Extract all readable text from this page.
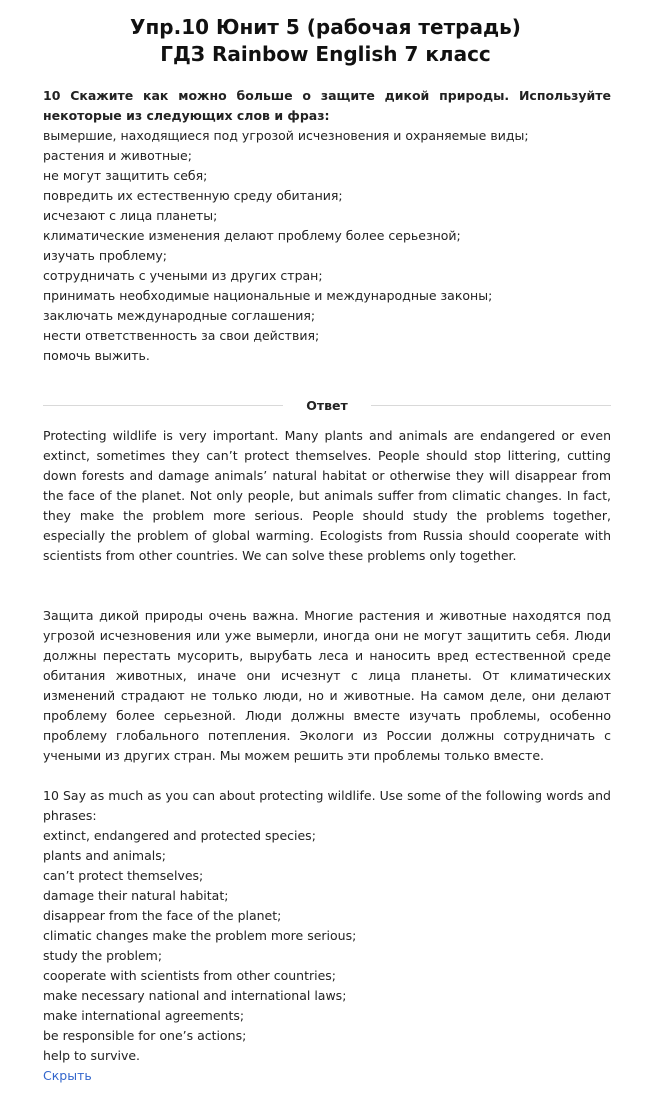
Упр.10 Юнит 5 (рабочая тетрадь)
ГДЗ Rainbow English 7 класс
10 Скажите как можно больше о защите дикой природы. Используйте некоторые из следующих слов и фраз:
вымершие, находящиеся под угрозой исчезновения и охраняемые виды;
растения и животные;
не могут защитить себя;
повредить их естественную среду обитания;
исчезают с лица планеты;
климатические изменения делают проблему более серьезной;
изучать проблему;
сотрудничать с учеными из других стран;
принимать необходимые национальные и международные законы;
заключать международные соглашения;
нести ответственность за свои действия;
помочь выжить.
Ответ
Protecting wildlife is very important. Many plants and animals are endangered or even extinct, sometimes they can’t protect themselves. People should stop littering, cutting down forests and damage animals’ natural habitat or otherwise they will disappear from the face of the planet. Not only people, but animals suffer from climatic changes. In fact, they make the problem more serious. People should study the problems together, especially the problem of global warming. Ecologists from Russia should cooperate with scientists from other countries. We can solve these problems only together.
Защита дикой природы очень важна. Многие растения и животные находятся под угрозой исчезновения или уже вымерли, иногда они не могут защитить себя. Люди должны перестать мусорить, вырубать леса и наносить вред естественной среде обитания животных, иначе они исчезнут с лица планеты. От климатических изменений страдают не только люди, но и животные. На самом деле, они делают проблему более серьезной. Люди должны вместе изучать проблемы, особенно проблему глобального потепления. Экологи из России должны сотрудничать с учеными из других стран. Мы можем решить эти проблемы только вместе.
10 Say as much as you can about protecting wildlife. Use some of the following words and phrases:
extinct, endangered and protected species;
plants and animals;
can’t protect themselves;
damage their natural habitat;
disappear from the face of the planet;
climatic changes make the problem more serious;
study the problem;
cooperate with scientists from other countries;
make necessary national and international laws;
make international agreements;
be responsible for one’s actions;
help to survive.
Скрыть
